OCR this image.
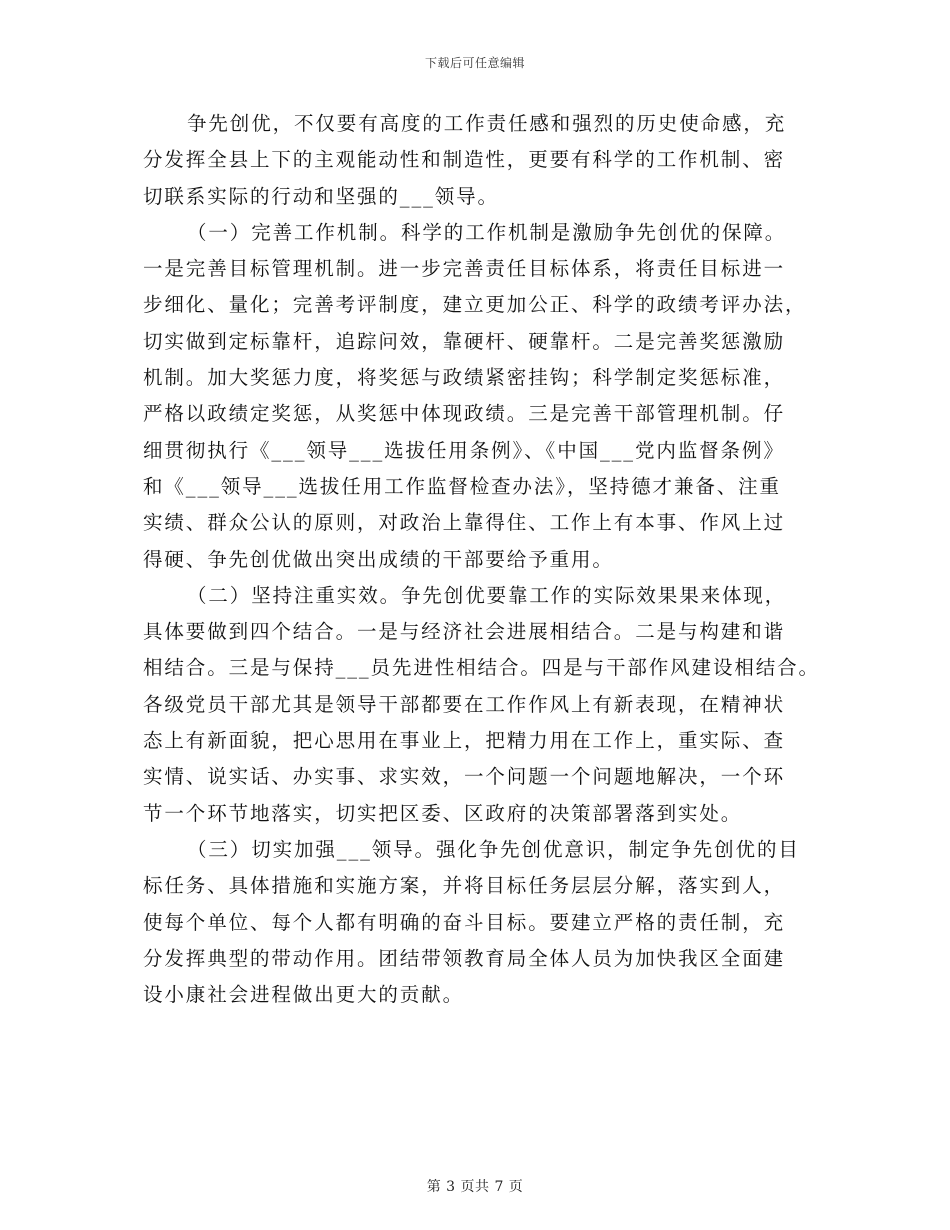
下载后可任意编辑

争先创优，不仅要有高度的工作责任感和强烈的历史使命感，充
分发挥全县上下的主观能动性和制造性，更要有科学的工作机制、密
切联系实际的行动和坚强的___领导。

（一）完善工作机制。科学的工作机制是激励争先创优的保障。
一是完善目标管理机制。进一步完善责任目标体系，将责任目标进一
步细化、量化；完善考评制度，建立更加公正、科学的政绩考评办法，
切实做到定标靠杆，追踪问效，靠硬杆、硬靠杆。二是完善奖惩激励
机制。加大奖惩力度，将奖惩与政绩紧密挂钩；科学制定奖惩标准，
严格以政绩定奖惩，从奖惩中体现政绩。三是完善干部管理机制。仔
细贯彻执行《___领导___选拔任用条例》、《中国___党内监督条例》
和《___领导___选拔任用工作监督检查办法》，坚持德才兼备、注重
实绩、群众公认的原则，对政治上靠得住、工作上有本事、作风上过
得硬、争先创优做出突出成绩的干部要给予重用。

（二）坚持注重实效。争先创优要靠工作的实际效果果来体现，
具体要做到四个结合。一是与经济社会进展相结合。二是与构建和谐
相结合。三是与保持___员先进性相结合。四是与干部作风建设相结合。
各级党员干部尤其是领导干部都要在工作作风上有新表现，在精神状
态上有新面貌，把心思用在事业上，把精力用在工作上，重实际、查
实情、说实话、办实事、求实效，一个问题一个问题地解决，一个环
节一个环节地落实，切实把区委、区政府的决策部署落到实处。

（三）切实加强___领导。强化争先创优意识，制定争先创优的目
标任务、具体措施和实施方案，并将目标任务层层分解，落实到人，
使每个单位、每个人都有明确的奋斗目标。要建立严格的责任制，充
分发挥典型的带动作用。团结带领教育局全体人员为加快我区全面建
设小康社会进程做出更大的贡献。

第 3 页共 7 页
